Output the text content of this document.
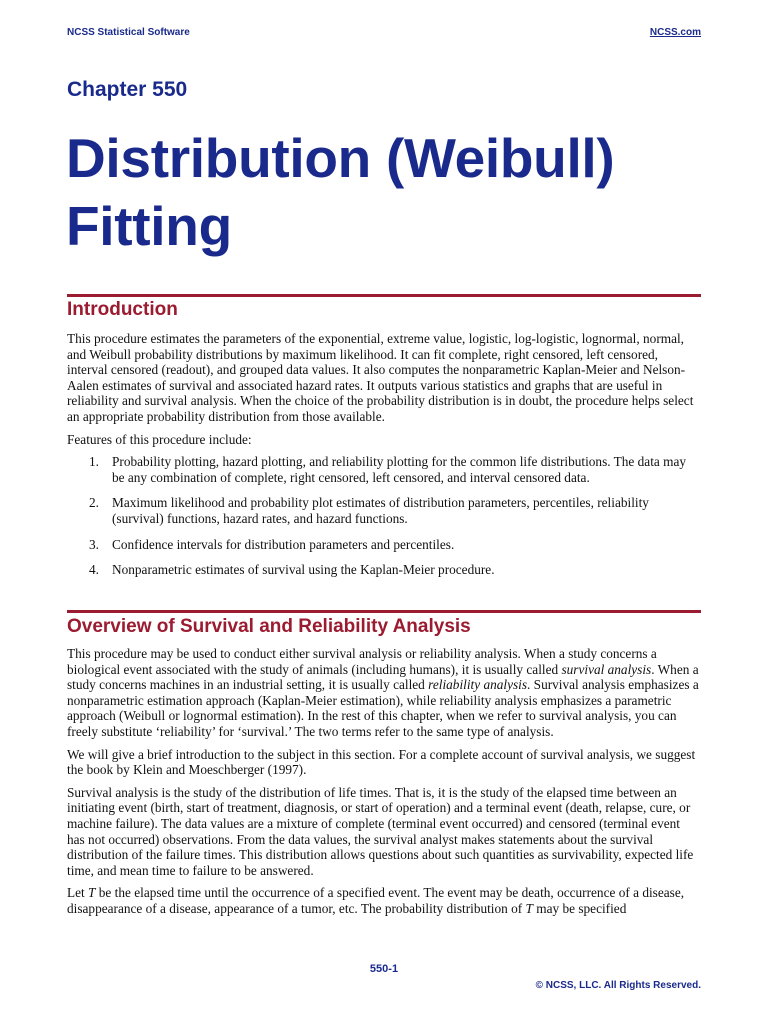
NCSS Statistical Software	NCSS.com
Chapter 550
Distribution (Weibull)
Fitting
Introduction

This procedure estimates the parameters of the exponential, extreme value, logistic, log-logistic, lognormal, normal, and Weibull probability distributions by maximum likelihood. It can fit complete, right censored, left censored, interval censored (readout), and grouped data values. It also computes the nonparametric Kaplan-Meier and Nelson-Aalen estimates of survival and associated hazard rates. It outputs various statistics and graphs that are useful in reliability and survival analysis. When the choice of the probability distribution is in doubt, the procedure helps select an appropriate probability distribution from those available.

Features of this procedure include:

1. Probability plotting, hazard plotting, and reliability plotting for the common life distributions. The data may be any combination of complete, right censored, left censored, and interval censored data.
2. Maximum likelihood and probability plot estimates of distribution parameters, percentiles, reliability (survival) functions, hazard rates, and hazard functions.
3. Confidence intervals for distribution parameters and percentiles.
4. Nonparametric estimates of survival using the Kaplan-Meier procedure.
Overview of Survival and Reliability Analysis

This procedure may be used to conduct either survival analysis or reliability analysis. When a study concerns a biological event associated with the study of animals (including humans), it is usually called survival analysis. When a study concerns machines in an industrial setting, it is usually called reliability analysis. Survival analysis emphasizes a nonparametric estimation approach (Kaplan-Meier estimation), while reliability analysis emphasizes a parametric approach (Weibull or lognormal estimation). In the rest of this chapter, when we refer to survival analysis, you can freely substitute ‘reliability’ for ‘survival.’ The two terms refer to the same type of analysis.

We will give a brief introduction to the subject in this section. For a complete account of survival analysis, we suggest the book by Klein and Moeschberger (1997).

Survival analysis is the study of the distribution of life times. That is, it is the study of the elapsed time between an initiating event (birth, start of treatment, diagnosis, or start of operation) and a terminal event (death, relapse, cure, or machine failure). The data values are a mixture of complete (terminal event occurred) and censored (terminal event has not occurred) observations. From the data values, the survival analyst makes statements about the survival distribution of the failure times. This distribution allows questions about such quantities as survivability, expected life time, and mean time to failure to be answered.

Let T be the elapsed time until the occurrence of a specified event. The event may be death, occurrence of a disease, disappearance of a disease, appearance of a tumor, etc. The probability distribution of T may be specified

550-1
© NCSS, LLC. All Rights Reserved.
